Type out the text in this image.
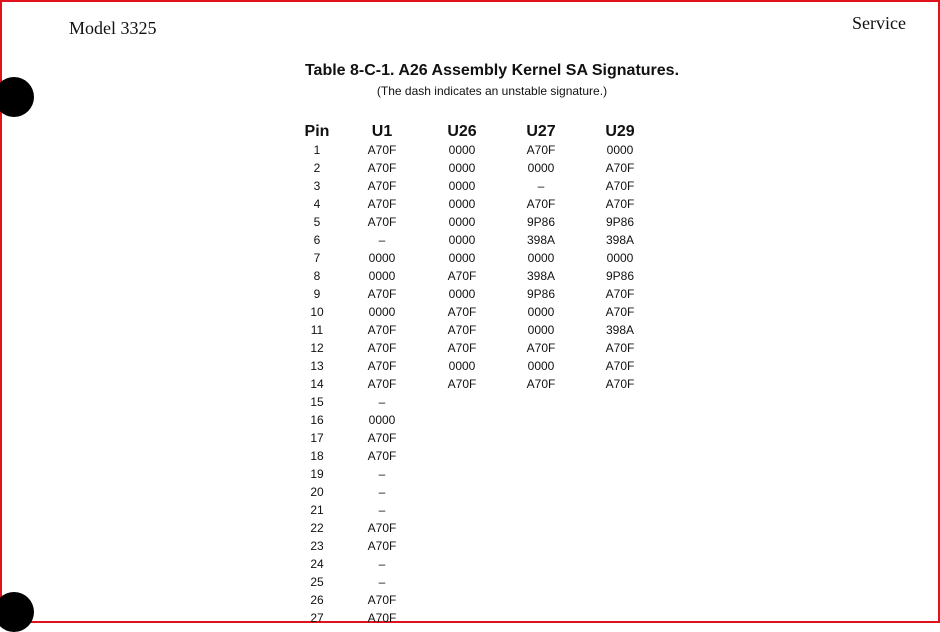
Model 3325	Service
Table 8-C-1. A26 Assembly Kernel SA Signatures.
(The dash indicates an unstable signature.)
Pin	U1	U26	U27	U29
1	A70F	0000	A70F	0000
2	A70F	0000	0000	A70F
3	A70F	0000	–	A70F
4	A70F	0000	A70F	A70F
5	A70F	0000	9P86	9P86
6	–	0000	398A	398A
7	0000	0000	0000	0000
8	0000	A70F	398A	9P86
9	A70F	0000	9P86	A70F
10	0000	A70F	0000	A70F
11	A70F	A70F	0000	398A
12	A70F	A70F	A70F	A70F
13	A70F	0000	0000	A70F
14	A70F	A70F	A70F	A70F
15	–			
16	0000			
17	A70F			
18	A70F			
19	–			
20	–			
21	–			
22	A70F			
23	A70F			
24	–			
25	–			
26	A70F			
27	A70F			
